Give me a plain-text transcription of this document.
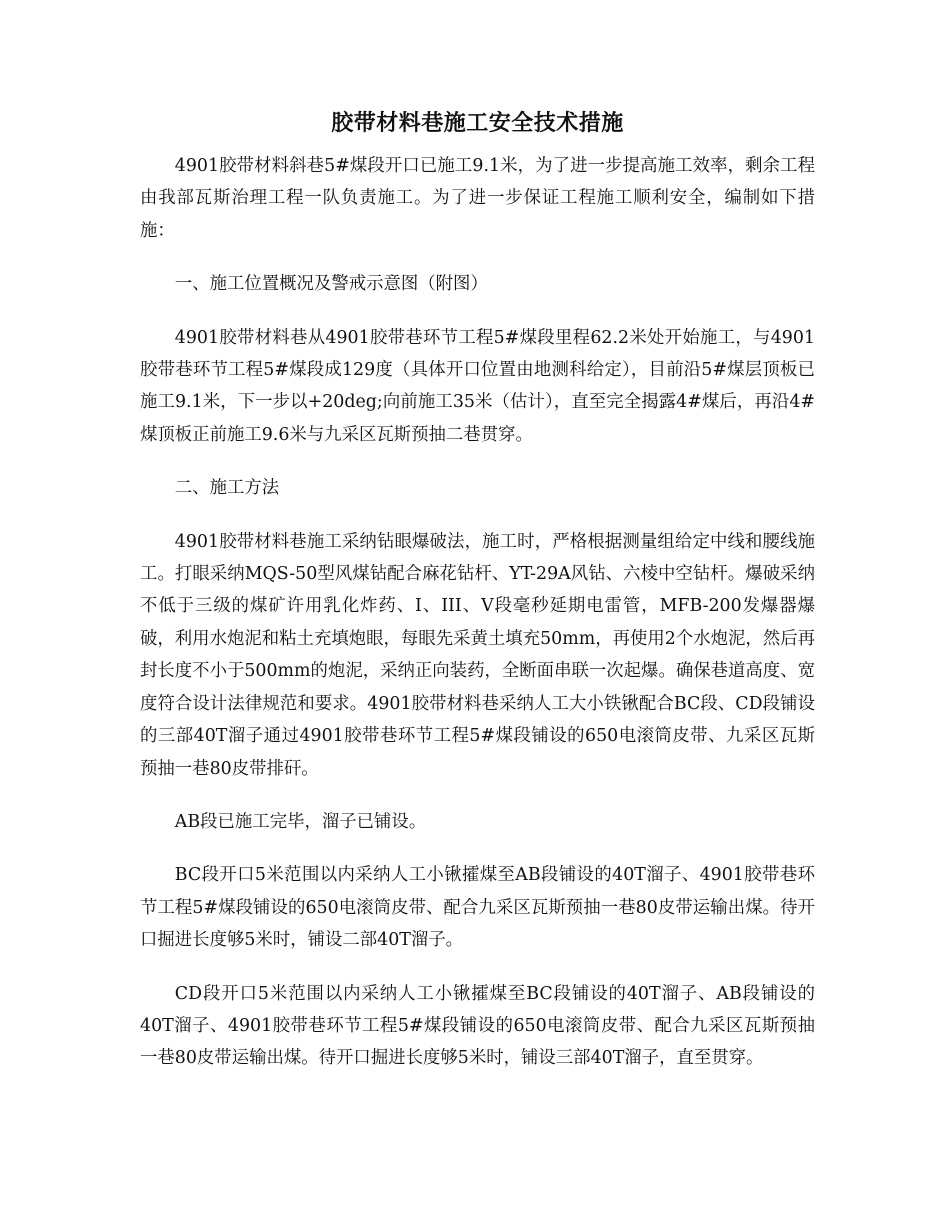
胶带材料巷施工安全技术措施

4901胶带材料斜巷5#煤段开口已施工9.1米，为了进一步提高施工效率，剩余工程由我部瓦斯治理工程一队负责施工。为了进一步保证工程施工顺利安全，编制如下措施：

一、施工位置概况及警戒示意图（附图）

4901胶带材料巷从4901胶带巷环节工程5#煤段里程62.2米处开始施工，与4901胶带巷环节工程5#煤段成129度（具体开口位置由地测科给定），目前沿5#煤层顶板已施工9.1米，下一步以+20deg;向前施工35米（估计），直至完全揭露4#煤后，再沿4#煤顶板正前施工9.6米与九采区瓦斯预抽二巷贯穿。

二、施工方法

4901胶带材料巷施工采纳钻眼爆破法，施工时，严格根据测量组给定中线和腰线施工。打眼采纳MQS-50型风煤钻配合麻花钻杆、YT-29A风钻、六棱中空钻杆。爆破采纳不低于三级的煤矿许用乳化炸药、I、III、V段毫秒延期电雷管，MFB-200发爆器爆破，利用水炮泥和粘土充填炮眼，每眼先采黄土填充50mm，再使用2个水炮泥，然后再封长度不小于500mm的炮泥，采纳正向装药，全断面串联一次起爆。确保巷道高度、宽度符合设计法律规范和要求。4901胶带材料巷采纳人工大小铁锹配合BC段、CD段铺设的三部40T溜子通过4901胶带巷环节工程5#煤段铺设的650电滚筒皮带、九采区瓦斯预抽一巷80皮带排矸。

AB段已施工完毕，溜子已铺设。

BC段开口5米范围以内采纳人工小锹攉煤至AB段铺设的40T溜子、4901胶带巷环节工程5#煤段铺设的650电滚筒皮带、配合九采区瓦斯预抽一巷80皮带运输出煤。待开口掘进长度够5米时，铺设二部40T溜子。

CD段开口5米范围以内采纳人工小锹攉煤至BC段铺设的40T溜子、AB段铺设的40T溜子、4901胶带巷环节工程5#煤段铺设的650电滚筒皮带、配合九采区瓦斯预抽一巷80皮带运输出煤。待开口掘进长度够5米时，铺设三部40T溜子，直至贯穿。
